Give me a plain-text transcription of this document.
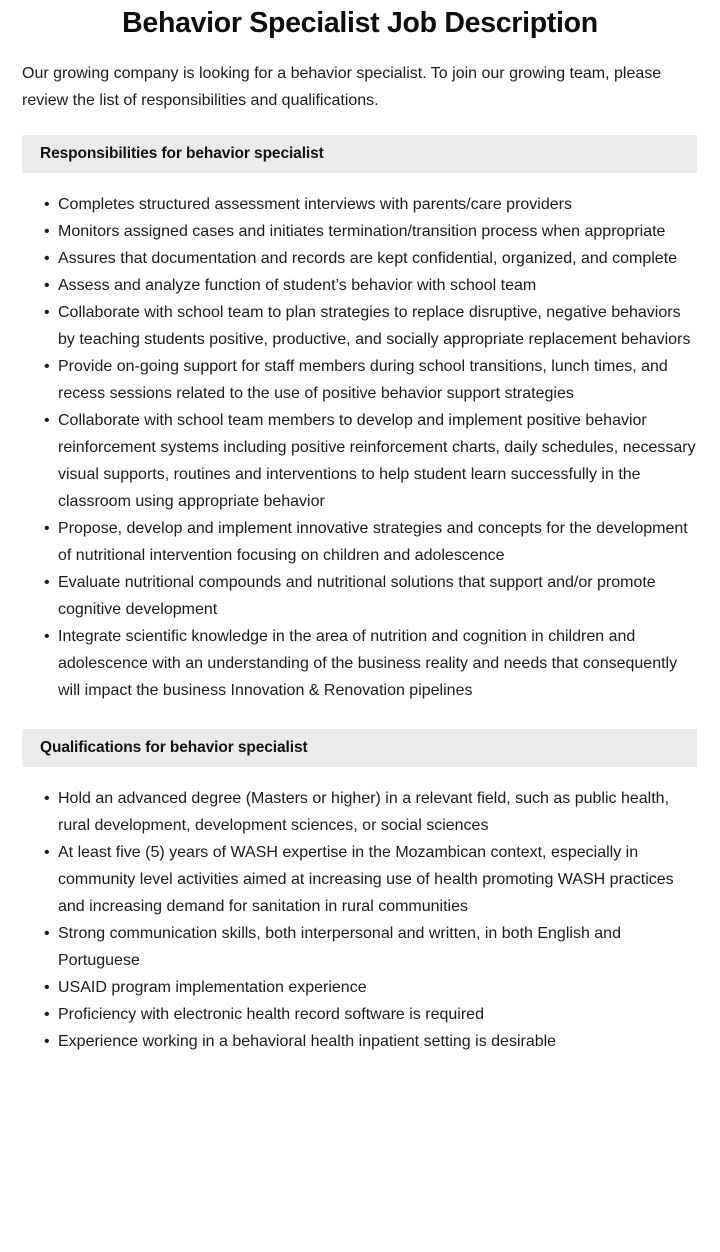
Behavior Specialist Job Description

Our growing company is looking for a behavior specialist. To join our growing team, please review the list of responsibilities and qualifications.

Responsibilities for behavior specialist
• Completes structured assessment interviews with parents/care providers
• Monitors assigned cases and initiates termination/transition process when appropriate
• Assures that documentation and records are kept confidential, organized, and complete
• Assess and analyze function of student’s behavior with school team
• Collaborate with school team to plan strategies to replace disruptive, negative behaviors by teaching students positive, productive, and socially appropriate replacement behaviors
• Provide on-going support for staff members during school transitions, lunch times, and recess sessions related to the use of positive behavior support strategies
• Collaborate with school team members to develop and implement positive behavior reinforcement systems including positive reinforcement charts, daily schedules, necessary visual supports, routines and interventions to help student learn successfully in the classroom using appropriate behavior
• Propose, develop and implement innovative strategies and concepts for the development of nutritional intervention focusing on children and adolescence
• Evaluate nutritional compounds and nutritional solutions that support and/or promote cognitive development
• Integrate scientific knowledge in the area of nutrition and cognition in children and adolescence with an understanding of the business reality and needs that consequently will impact the business Innovation & Renovation pipelines
Qualifications for behavior specialist
• Hold an advanced degree (Masters or higher) in a relevant field, such as public health, rural development, development sciences, or social sciences
• At least five (5) years of WASH expertise in the Mozambican context, especially in community level activities aimed at increasing use of health promoting WASH practices and increasing demand for sanitation in rural communities
• Strong communication skills, both interpersonal and written, in both English and Portuguese
• USAID program implementation experience
• Proficiency with electronic health record software is required
• Experience working in a behavioral health inpatient setting is desirable
